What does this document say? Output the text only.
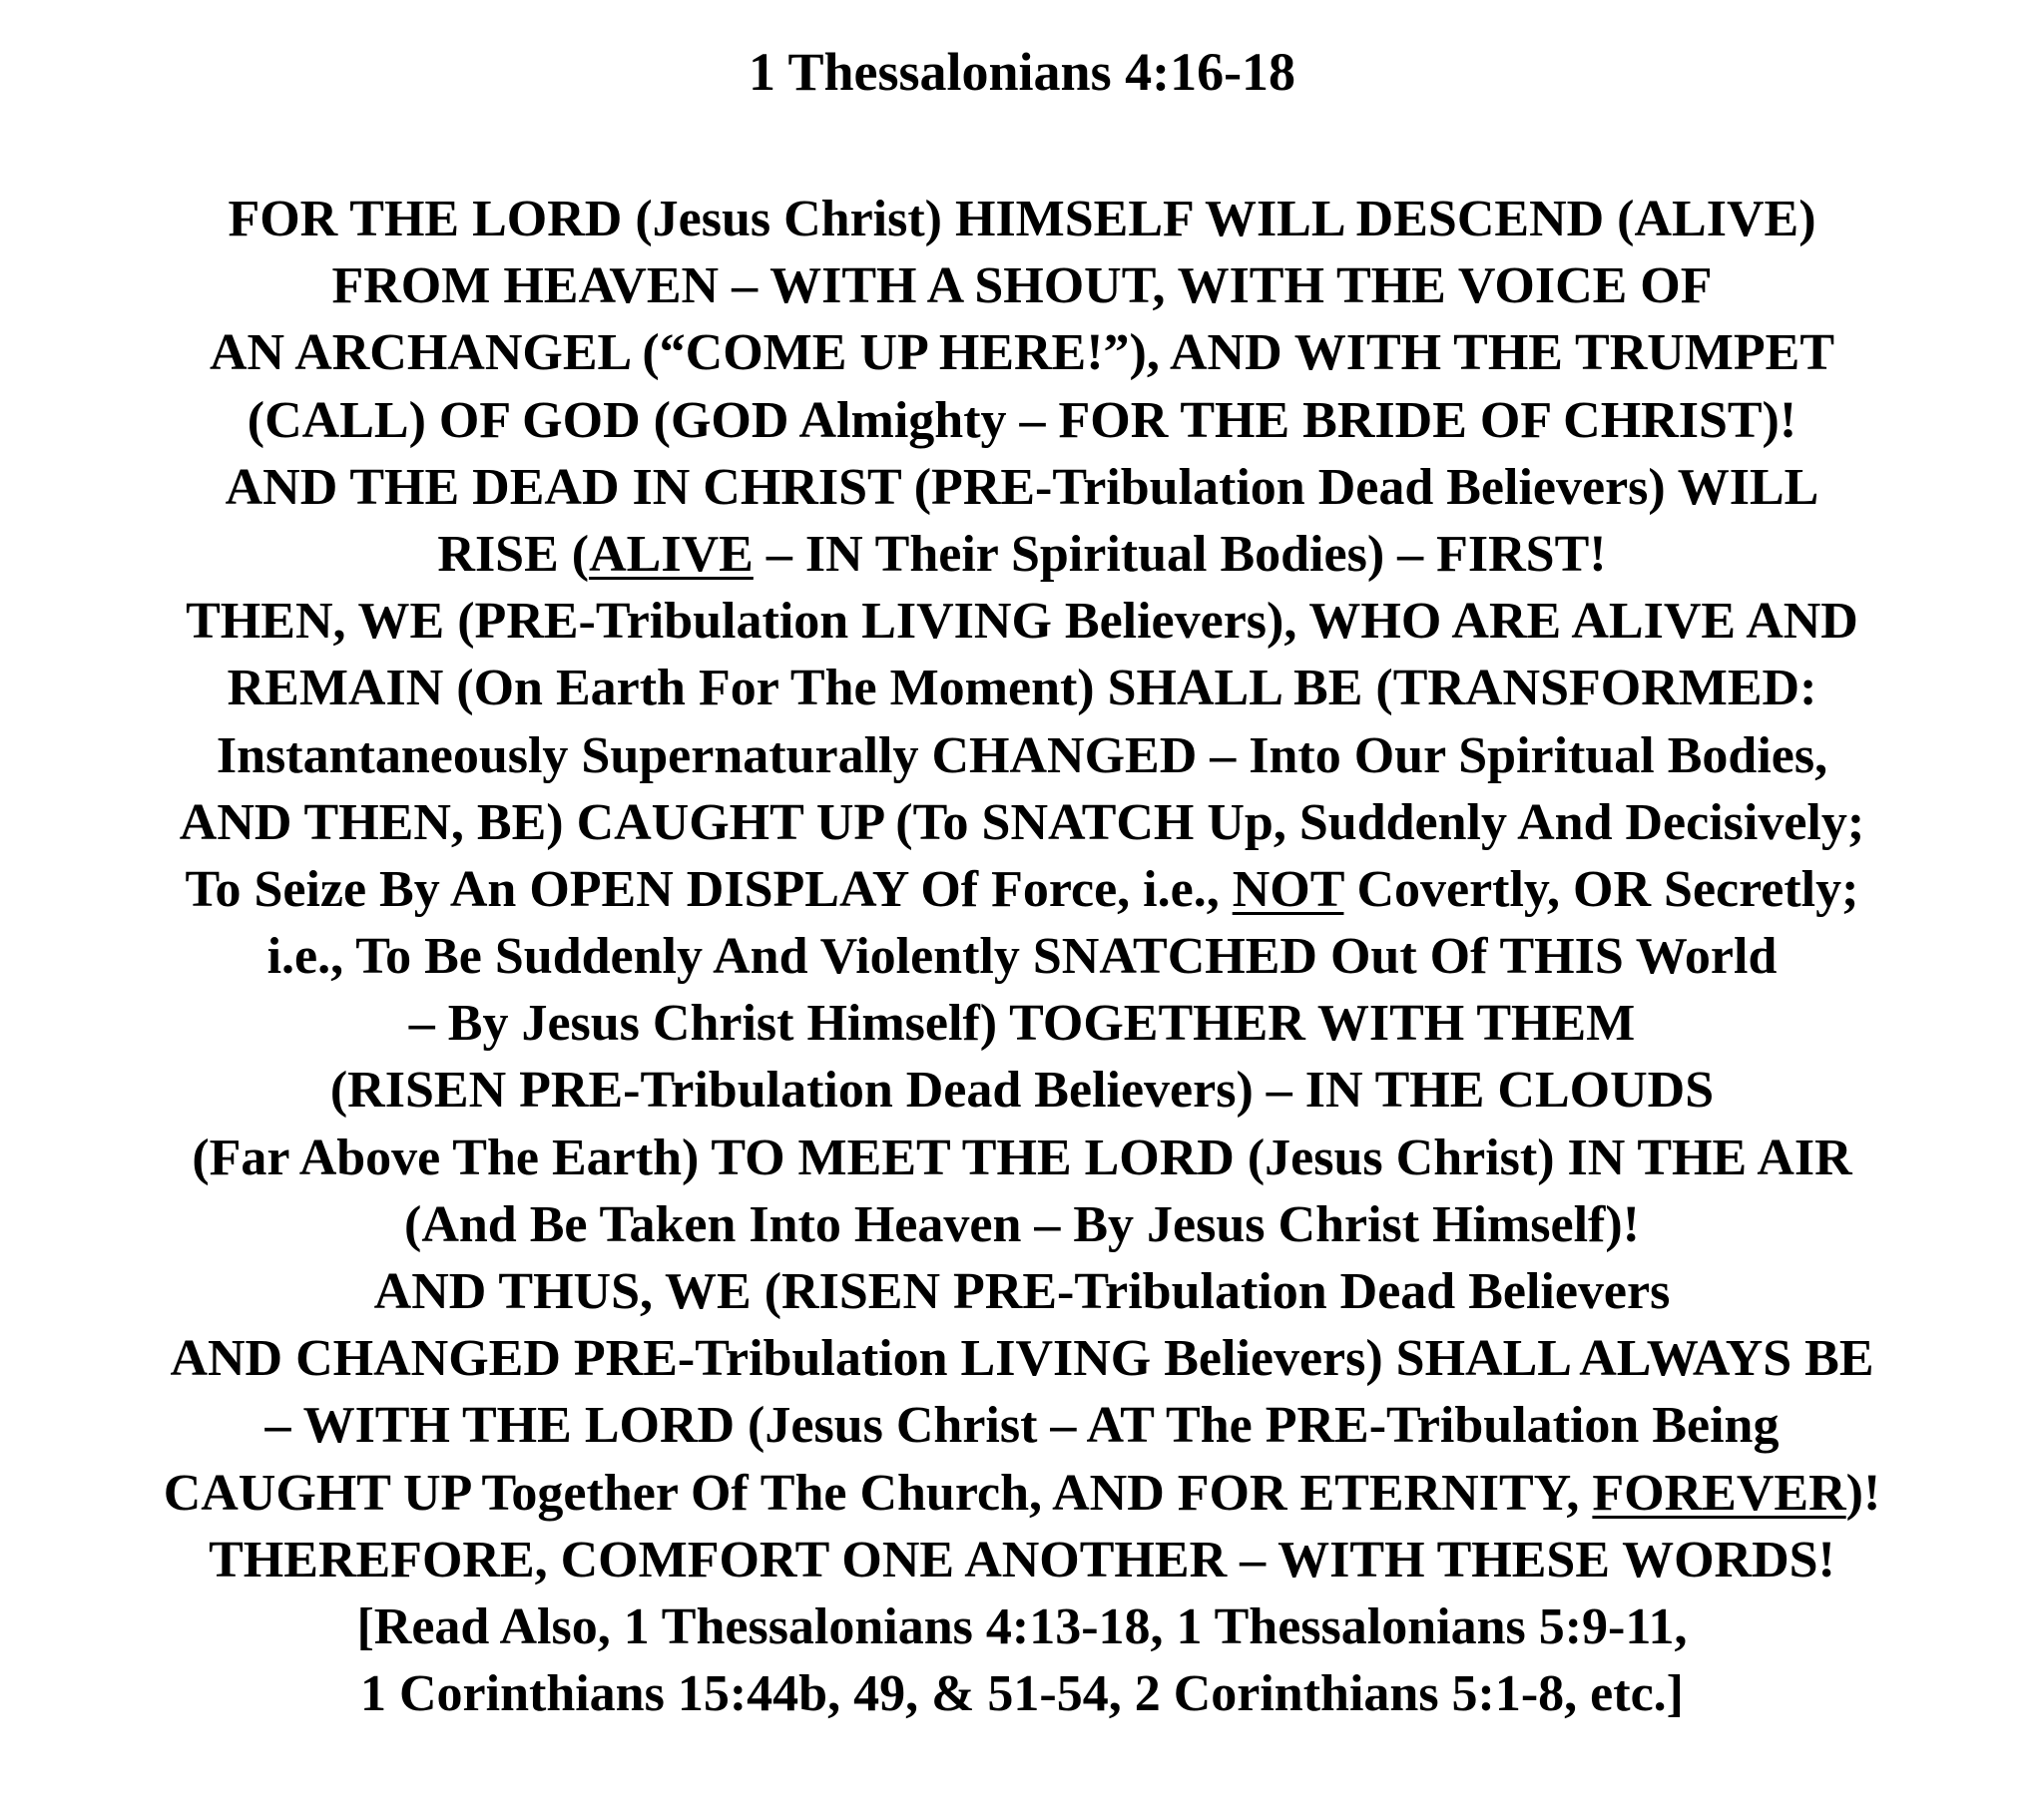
1 Thessalonians 4:16-18
FOR THE LORD (Jesus Christ) HIMSELF WILL DESCEND (ALIVE)
FROM HEAVEN – WITH A SHOUT, WITH THE VOICE OF
AN ARCHANGEL (“COME UP HERE!”), AND WITH THE TRUMPET
(CALL) OF GOD (GOD Almighty – FOR THE BRIDE OF CHRIST)!
AND THE DEAD IN CHRIST (PRE-Tribulation Dead Believers) WILL
RISE (ALIVE – IN Their Spiritual Bodies) – FIRST!
THEN, WE (PRE-Tribulation LIVING Believers), WHO ARE ALIVE AND
REMAIN (On Earth For The Moment) SHALL BE (TRANSFORMED:
Instantaneously Supernaturally CHANGED – Into Our Spiritual Bodies,
AND THEN, BE) CAUGHT UP (To SNATCH Up, Suddenly And Decisively;
To Seize By An OPEN DISPLAY Of Force, i.e., NOT Covertly, OR Secretly;
i.e., To Be Suddenly And Violently SNATCHED Out Of THIS World
– By Jesus Christ Himself) TOGETHER WITH THEM
(RISEN PRE-Tribulation Dead Believers) – IN THE CLOUDS
(Far Above The Earth) TO MEET THE LORD (Jesus Christ) IN THE AIR
(And Be Taken Into Heaven – By Jesus Christ Himself)!
AND THUS, WE (RISEN PRE-Tribulation Dead Believers
AND CHANGED PRE-Tribulation LIVING Believers) SHALL ALWAYS BE
– WITH THE LORD (Jesus Christ – AT The PRE-Tribulation Being
CAUGHT UP Together Of The Church, AND FOR ETERNITY, FOREVER)!
THEREFORE, COMFORT ONE ANOTHER – WITH THESE WORDS!
[Read Also, 1 Thessalonians 4:13-18, 1 Thessalonians 5:9-11,
1 Corinthians 15:44b, 49, & 51-54, 2 Corinthians 5:1-8, etc.]
